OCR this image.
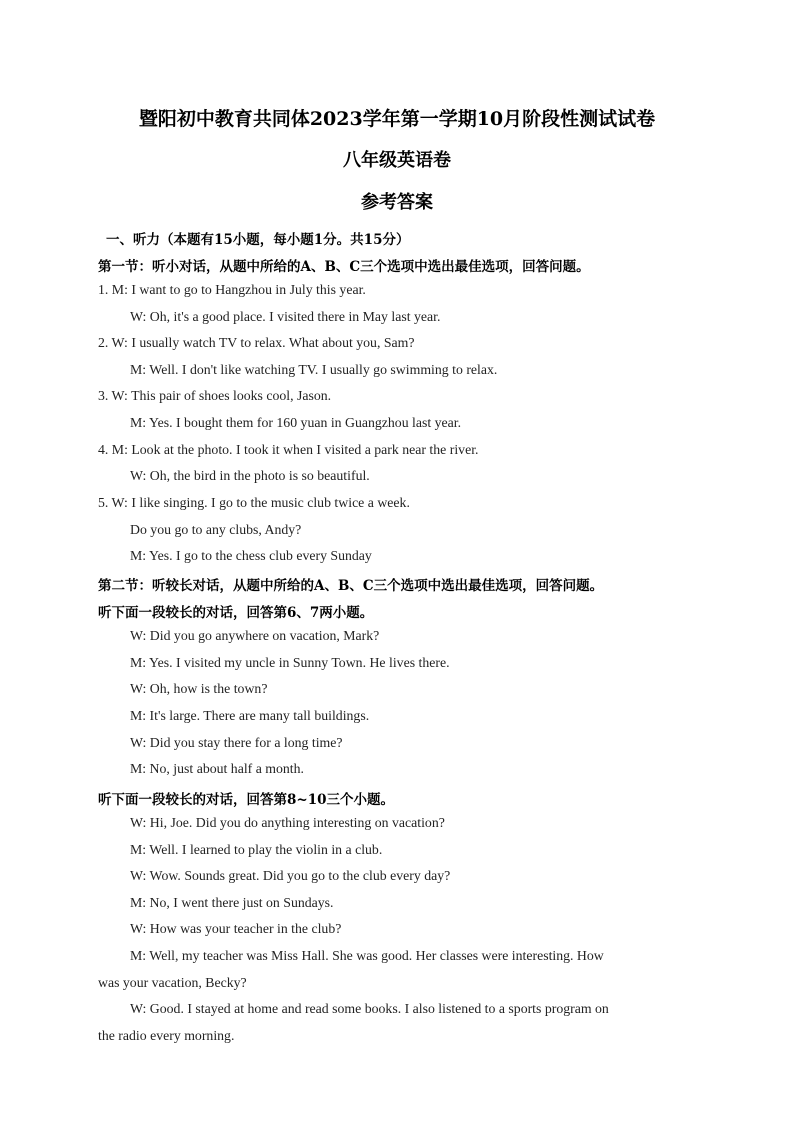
暨阳初中教育共同体2023学年第一学期10月阶段性测试试卷
八年级英语卷
参考答案
一、听力（本题有15小题，每小题1分。共15分）
第一节：听小对话，从题中所给的A、B、C三个选项中选出最佳选项，回答问题。
1. M: I want to go to Hangzhou in July this year.
W: Oh, it's a good place. I visited there in May last year.
2. W: I usually watch TV to relax. What about you, Sam?
M: Well. I don't like watching TV. I usually go swimming to relax.
3. W: This pair of shoes looks cool, Jason.
M: Yes. I bought them for 160 yuan in Guangzhou last year.
4. M: Look at the photo. I took it when I visited a park near the river.
W: Oh, the bird in the photo is so beautiful.
5. W: I like singing. I go to the music club twice a week.
Do you go to any clubs, Andy?
M: Yes. I go to the chess club every Sunday
第二节：听较长对话，从题中所给的A、B、C三个选项中选出最佳选项，回答问题。
听下面一段较长的对话，回答第6、7两小题。
W: Did you go anywhere on vacation, Mark?
M: Yes. I visited my uncle in Sunny Town. He lives there.
W: Oh, how is the town?
M: It's large. There are many tall buildings.
W: Did you stay there for a long time?
M: No, just about half a month.
听下面一段较长的对话，回答第8~10三个小题。
W: Hi, Joe. Did you do anything interesting on vacation?
M: Well. I learned to play the violin in a club.
W: Wow. Sounds great. Did you go to the club every day?
M: No, I went there just on Sundays.
W: How was your teacher in the club?
M: Well, my teacher was Miss Hall. She was good. Her classes were interesting. How
was your vacation, Becky?
W: Good. I stayed at home and read some books. I also listened to a sports program on
the radio every morning.
